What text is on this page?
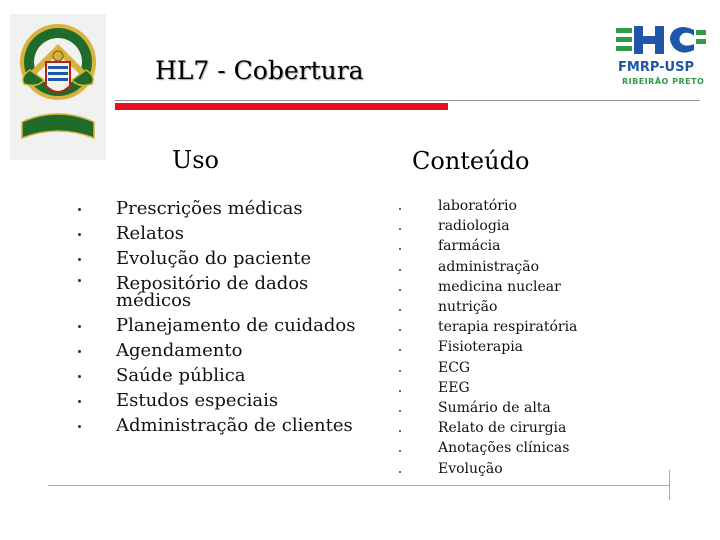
FMRP-USP
RIBEIRÃO PRETO
HL7 - Cobertura
Uso	Conteúdo
Prescrições médicas
Relatos
Evolução do paciente
Repositório de dados
médicos
Planejamento de cuidados
Agendamento
Saúde pública
Estudos especiais
Administração de clientes
laboratório
radiologia
farmácia
administração
medicina nuclear
nutrição
terapia respiratória
Fisioterapia
ECG
EEG
Sumário de alta
Relato de cirurgia
Anotações clínicas
Evolução
